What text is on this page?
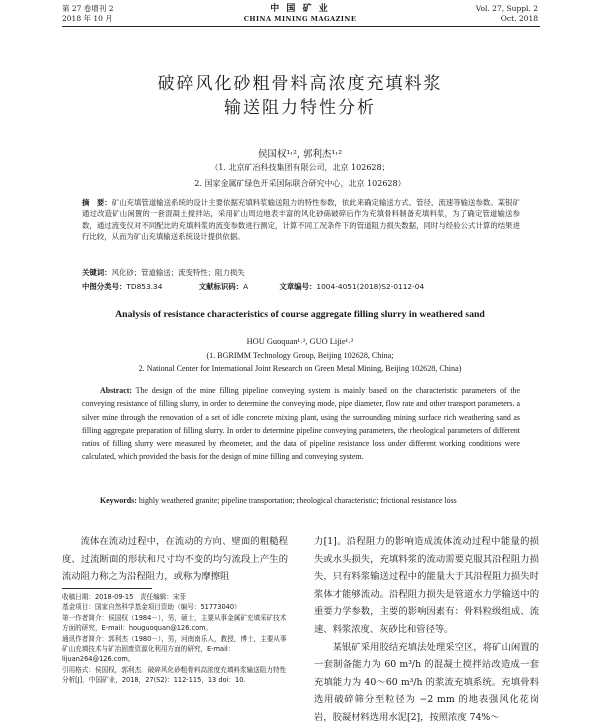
第 27 卷增刊 2
2018 年 10 月
中 国 矿 业
CHINA MINING MAGAZINE
Vol. 27, Suppl. 2
Oct. 2018
破碎风化砂粗骨料高浓度充填料浆
输送阻力特性分析
侯国权¹˒², 郭利杰¹˒²
（1. 北京矿冶科技集团有限公司，北京 102628；
2. 国家金属矿绿色开采国际联合研究中心，北京 102628）
摘　要：矿山充填管道输送系统的设计主要依据充填料浆输送阻力的特性参数，依此来确定输送方式、管径、流速等输送参数。某银矿通过改造矿山闲置的一套混凝土搅拌站，采用矿山周边地表丰富的风化砂砾破碎后作为充填骨料制备充填料浆，为了确定管道输送参数，通过流变仪对不同配比的充填料浆的流变参数进行测定，计算不同工况条件下的管道阻力损失数据，同时与经验公式计算的结果进行比较，从而为矿山充填输送系统设计提供依据。
关键词：风化砂；管道输送；流变特性；阻力损失
中图分类号：TD853.34	文献标识码：A	文章编号：1004-4051(2018)S2-0112-04
Analysis of resistance characteristics of course aggregate filling slurry in weathered sand
HOU Guoquan¹˒², GUO Lijie¹˒²
(1. BGRIMM Technology Group, Beijing 102628, China;
2. National Center for International Joint Research on Green Metal Mining, Beijing 102628, China)
Abstract: The design of the mine filling pipeline conveying system is mainly based on the characteristic parameters of the conveying resistance of filling slurry, in order to determine the conveying mode, pipe diameter, flow rate and other transport parameters. a silver mine through the renovation of a set of idle concrete mixing plant, using the surrounding mining surface rich weathering sand as filling aggregate preparation of filling slurry. In order to determine pipeline conveying parameters, the rheological parameters of different ratios of filling slurry were measured by rheometer, and the data of pipeline resistance loss under different working conditions were calculated, which provided the basis for the design of mine filling and conveying system.
Keywords: highly weathered granite; pipeline transportation; rheological characteristic; frictional resistance loss

流体在流动过程中，在流动的方向、壁面的粗糙程度、过流断面的形状和尺寸均不变的均匀流段上产生的流动阻力称之为沿程阻力，或称为摩擦阻

收稿日期：2018-09-15　责任编辑：宋菲

基金项目：国家自然科学基金项目资助（编号：51773040）

第一作者简介：侯国权（1984－），男，硕士，主要从事金属矿充填采矿技术方面的研究，E-mail：houguoquan@126.com。

通讯作者简介：郭利杰（1980－），男，河南南乐人，教授，博士，主要从事矿山充填技术与矿冶固废资源化利用方面的研究，E-mail：lijuan264@126.com。

引用格式：侯国权，郭利杰．破碎风化砂粗骨料高浓度充填料浆输送阻力特性分析[J]．中国矿业，2018，27(S2)：112-115，13 doi：10.

力[1]。沿程阻力的影响造成流体流动过程中能量的损失或水头损失，充填料浆的流动需要克服其沿程阻力损失，只有料浆输送过程中的能量大于其沿程阻力损失时浆体才能够流动。沿程阻力损失是管道水力学输送中的重要力学参数，主要的影响因素有：骨料粒级组成、流速、料浆浓度、灰砂比和管径等。

某银矿采用胶结充填法处理采空区，将矿山闲置的一套制备能力为 60 m³/h 的混凝土搅拌站改造成一套充填能力为 40～60 m³/h 的浆流充填系统。充填骨料选用破碎筛分至粒径为 −2 mm 的地表强风化花岗岩，胶凝材料选用水泥[2]，按照浓度 74%～
